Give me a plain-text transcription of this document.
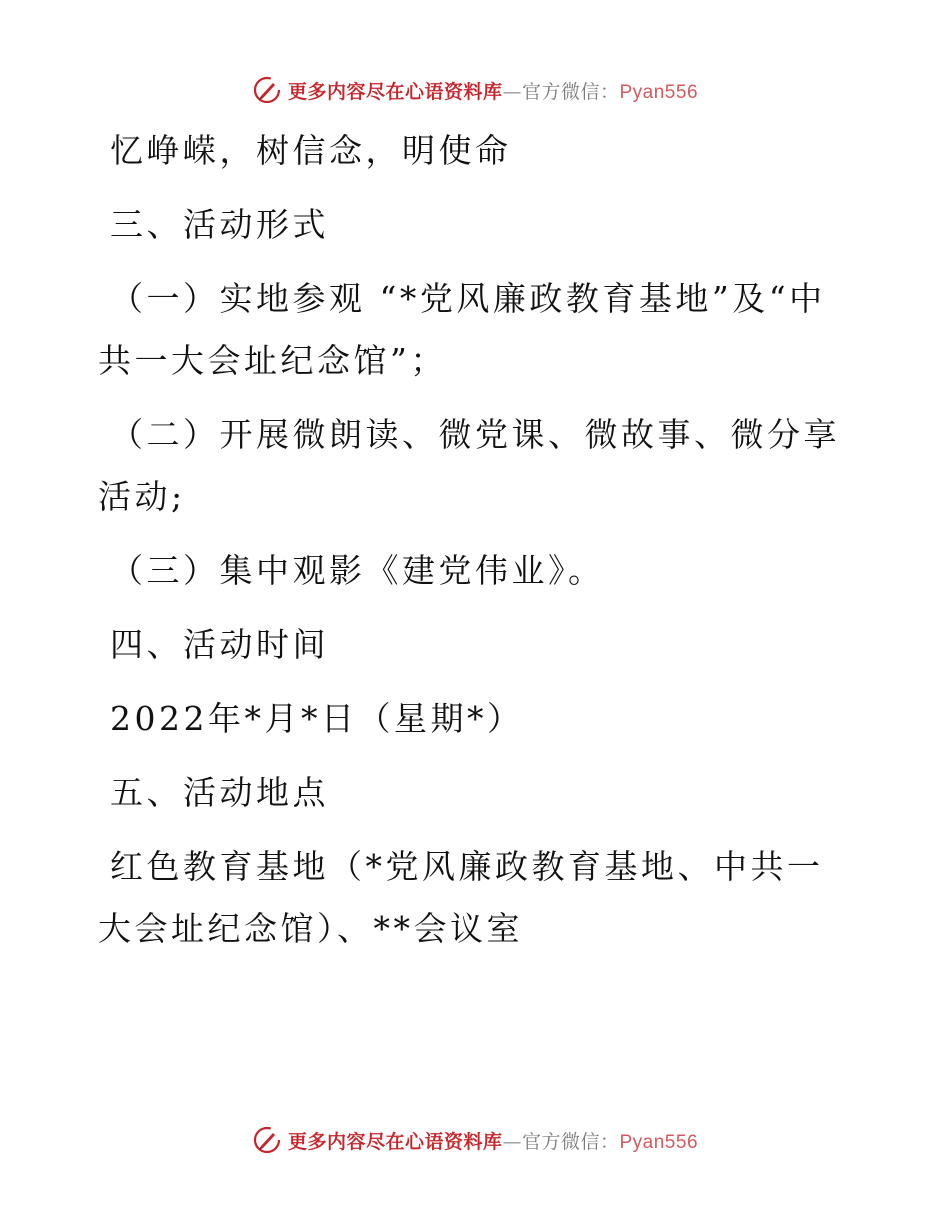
更多内容尽在心语资料库 — 官方微信： Pyan556

忆峥嵘，树信念，明使命

三、活动形式

（一）实地参观 “*党风廉政教育基地”及“中共一大会址纪念馆”；

（二）开展微朗读、微党课、微故事、微分享活动;

（三）集中观影《建党伟业》。

四、活动时间

2022年*月*日（星期*）

五、活动地点

红色教育基地（*党风廉政教育基地、中共一大会址纪念馆）、**会议室

更多内容尽在心语资料库 — 官方微信： Pyan556
